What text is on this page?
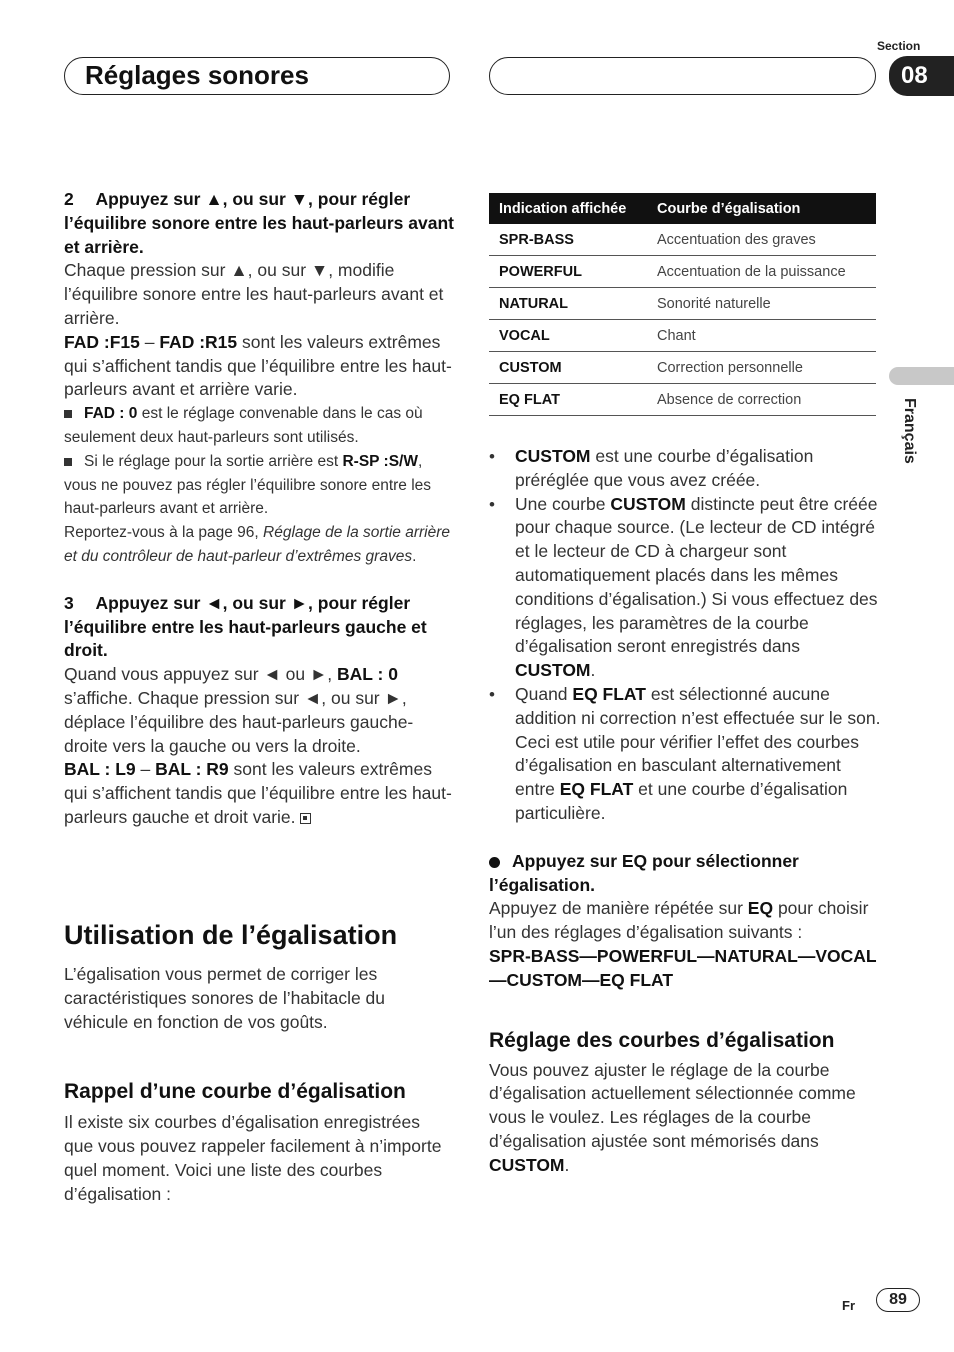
Réglages sonores
Section
08
Français

2  Appuyez sur ▲, ou sur ▼, pour régler l’équilibre sonore entre les haut-parleurs avant et arrière.

Chaque pression sur ▲, ou sur ▼, modifie l’équilibre sonore entre les haut-parleurs avant et arrière.

FAD :F15 – FAD :R15 sont les valeurs extrêmes qui s’affichent tandis que l’équilibre entre les haut-parleurs avant et arrière varie.

FAD : 0 est le réglage convenable dans le cas où seulement deux haut-parleurs sont utilisés.

Si le réglage pour la sortie arrière est R-SP :S/W, vous ne pouvez pas régler l’équilibre sonore entre les haut-parleurs avant et arrière.

Reportez-vous à la page 96, Réglage de la sortie arrière et du contrôleur de haut-parleur d’extrêmes graves.

3  Appuyez sur ◄, ou sur ►, pour régler l’équilibre entre les haut-parleurs gauche et droit.

Quand vous appuyez sur ◄ ou ►, BAL : 0 s’affiche. Chaque pression sur ◄, ou sur ►, déplace l’équilibre des haut-parleurs gauche-droite vers la gauche ou vers la droite.

BAL : L9 – BAL : R9 sont les valeurs extrêmes qui s’affichent tandis que l’équilibre entre les haut-parleurs gauche et droit varie.

Utilisation de l’égalisation

L’égalisation vous permet de corriger les caractéristiques sonores de l’habitacle du véhicule en fonction de vos goûts.

Rappel d’une courbe d’égalisation

Il existe six courbes d’égalisation enregistrées que vous pouvez rappeler facilement à n’importe quel moment. Voici une liste des courbes d’égalisation :

Indication affichée	Courbe d’égalisation
SPR-BASS	Accentuation des graves
POWERFUL	Accentuation de la puissance
NATURAL	Sonorité naturelle
VOCAL	Chant
CUSTOM	Correction personnelle
EQ FLAT	Absence de correction

• CUSTOM est une courbe d’égalisation préréglée que vous avez créée.

• Une courbe CUSTOM distincte peut être créée pour chaque source. (Le lecteur de CD intégré et le lecteur de CD à chargeur sont automatiquement placés dans les mêmes conditions d’égalisation.) Si vous effectuez des réglages, les paramètres de la courbe d’égalisation seront enregistrés dans CUSTOM.

• Quand EQ FLAT est sélectionné aucune addition ni correction n’est effectuée sur le son. Ceci est utile pour vérifier l’effet des courbes d’égalisation en basculant alternativement entre EQ FLAT et une courbe d’égalisation particulière.

Appuyez sur EQ pour sélectionner l’égalisation.

Appuyez de manière répétée sur EQ pour choisir l’un des réglages d’égalisation suivants :

SPR-BASS—POWERFUL—NATURAL—VOCAL—CUSTOM—EQ FLAT

Réglage des courbes d’égalisation

Vous pouvez ajuster le réglage de la courbe d’égalisation actuellement sélectionnée comme vous le voulez. Les réglages de la courbe d’égalisation ajustée sont mémorisés dans CUSTOM.

Fr	89
